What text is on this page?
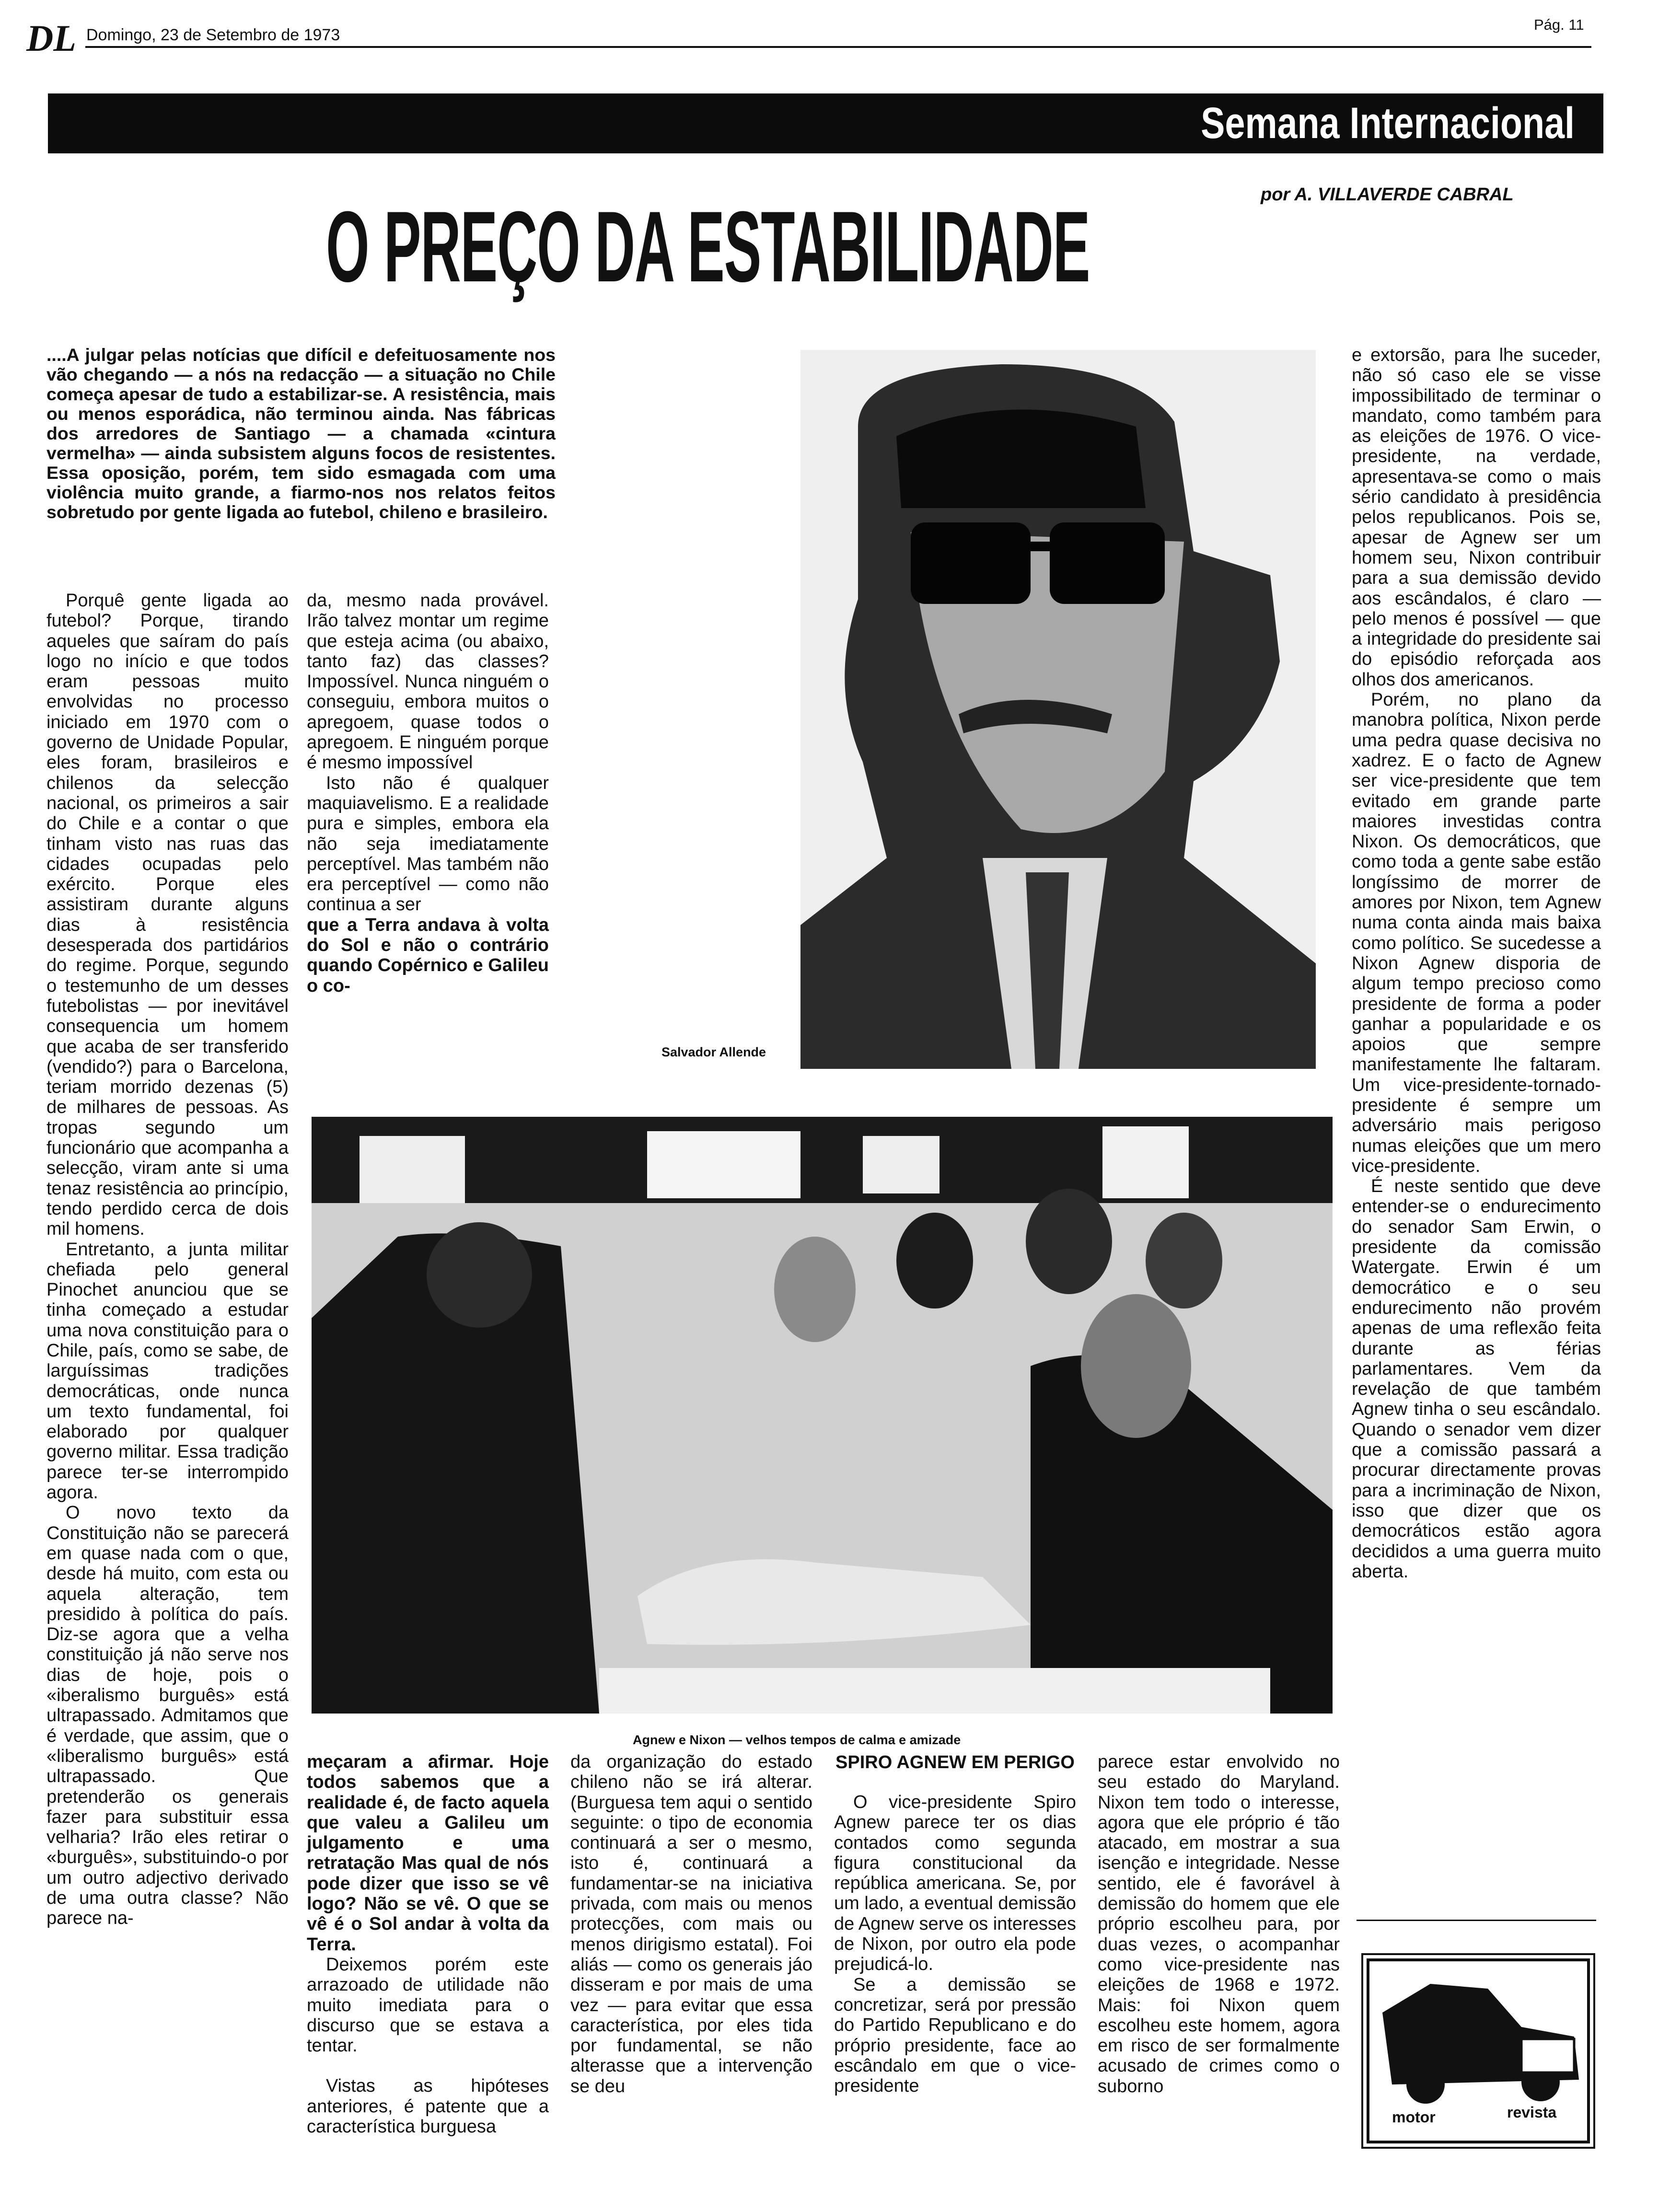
DL Domingo, 23 de Setembro de 1973
Pág. 11
Semana Internacional
por A. VILLAVERDE CABRAL
O PREÇO DA ESTABILIDADE

....A julgar pelas notícias que difícil e defeituosamente nos vão chegando — a nós na redacção — a situação no Chile começa apesar de tudo a estabilizar-se. A resistência, mais ou menos esporádica, não terminou ainda. Nas fábricas dos arredores de Santiago — a chamada «cintura vermelha» — ainda subsistem alguns focos de resistentes. Essa oposição, porém, tem sido esmagada com uma violência muito grande, a fiarmo-nos nos relatos feitos sobretudo por gente ligada ao futebol, chileno e brasileiro.

Porquê gente ligada ao futebol? Porque, tirando aqueles que saíram do país logo no início e que todos eram pessoas muito envolvidas no processo iniciado em 1970 com o governo de Unidade Popular, eles foram, brasileiros e chilenos da selecção nacional, os primeiros a sair do Chile e a contar o que tinham visto nas ruas das cidades ocupadas pelo exército. Porque eles assistiram durante alguns dias à resistência desesperada dos partidários do regime. Porque, segundo o testemunho de um desses futebolistas — por inevitável consequencia um homem que acaba de ser transferido (vendido?) para o Barcelona, teriam morrido dezenas (5) de milhares de pessoas. As tropas segundo um funcionário que acompanha a selecção, viram ante si uma tenaz resistência ao princípio, tendo perdido cerca de dois mil homens.

Entretanto, a junta militar chefiada pelo general Pinochet anunciou que se tinha começado a estudar uma nova constituição para o Chile, país, como se sabe, de larguíssimas tradições democráticas, onde nunca um texto fundamental, foi elaborado por qualquer governo militar. Essa tradição parece ter-se interrompido agora.

O novo texto da Constituição não se parecerá em quase nada com o que, desde há muito, com esta ou aquela alteração, tem presidido à política do país. Diz-se agora que a velha constituição já não serve nos dias de hoje, pois o «iberalismo burguês» está ultrapassado. Admitamos que é verdade, que assim, que o «liberalismo burguês» está ultrapassado. Que pretenderão os generais fazer para substituir essa velharia? Irão eles retirar o «burguês», substituindo-o por um outro adjectivo derivado de uma outra classe? Não parece na-

da, mesmo nada provável. Irão talvez montar um regime que esteja acima (ou abaixo, tanto faz) das classes? Impossível. Nunca ninguém o conseguiu, embora muitos o apregoem, quase todos o apregoem. E ninguém porque é mesmo impossível

Isto não é qualquer maquiavelismo. E a realidade pura e simples, embora ela não seja imediatamente perceptível. Mas também não era perceptível — como não continua a ser

que a Terra andava à volta do Sol e não o contrário quando Copérnico e Galileu o co-

Salvador Allende
Agnew e Nixon — velhos tempos de calma e amizade

meçaram a afirmar. Hoje todos sabemos que a realidade é, de facto aquela que valeu a Galileu um julgamento e uma retratação Mas qual de nós pode dizer que isso se vê logo? Não se vê. O que se vê é o Sol andar à volta da Terra.

Deixemos porém este arrazoado de utilidade não muito imediata para o discurso que se estava a tentar.

Vistas as hipóteses anteriores, é patente que a característica burguesa

da organização do estado chileno não se irá alterar. (Burguesa tem aqui o sentido seguinte: o tipo de economia continuará a ser o mesmo, isto é, continuará a fundamentar-se na iniciativa privada, com mais ou menos protecções, com mais ou menos dirigismo estatal). Foi aliás — como os generais jáo disseram e por mais de uma vez — para evitar que essa característica, por eles tida por fundamental, se não alterasse que a intervenção se deu

SPIRO AGNEW EM PERIGO

O vice-presidente Spiro Agnew parece ter os dias contados como segunda figura constitucional da república americana. Se, por um lado, a eventual demissão de Agnew serve os interesses de Nixon, por outro ela pode prejudicá-lo.

Se a demissão se concretizar, será por pressão do Partido Republicano e do próprio presidente, face ao escândalo em que o vice-presidente

parece estar envolvido no seu estado do Maryland. Nixon tem todo o interesse, agora que ele próprio é tão atacado, em mostrar a sua isenção e integridade. Nesse sentido, ele é favorável à demissão do homem que ele próprio escolheu para, por duas vezes, o acompanhar como vice-presidente nas eleições de 1968 e 1972. Mais: foi Nixon quem escolheu este homem, agora em risco de ser formalmente acusado de crimes como o suborno

e extorsão, para lhe suceder, não só caso ele se visse impossibilitado de terminar o mandato, como também para as eleições de 1976. O vice-presidente, na verdade, apresentava-se como o mais sério candidato à presidência pelos republicanos. Pois se, apesar de Agnew ser um homem seu, Nixon contribuir para a sua demissão devido aos escândalos, é claro — pelo menos é possível — que a integridade do presidente sai do episódio reforçada aos olhos dos americanos.

Porém, no plano da manobra política, Nixon perde uma pedra quase decisiva no xadrez. E o facto de Agnew ser vice-presidente que tem evitado em grande parte maiores investidas contra Nixon. Os democráticos, que como toda a gente sabe estão longíssimo de morrer de amores por Nixon, tem Agnew numa conta ainda mais baixa como político. Se sucedesse a Nixon Agnew disporia de algum tempo precioso como presidente de forma a poder ganhar a popularidade e os apoios que sempre manifestamente lhe faltaram. Um vice-presidente-tornado-presidente é sempre um adversário mais perigoso numas eleições que um mero vice-presidente.

É neste sentido que deve entender-se o endurecimento do senador Sam Erwin, o presidente da comissão Watergate. Erwin é um democrático e o seu endurecimento não provém apenas de uma reflexão feita durante as férias parlamentares. Vem da revelação de que também Agnew tinha o seu escândalo. Quando o senador vem dizer que a comissão passará a procurar directamente provas para a incriminação de Nixon, isso que dizer que os democráticos estão agora decididos a uma guerra muito aberta.

motor	revista
